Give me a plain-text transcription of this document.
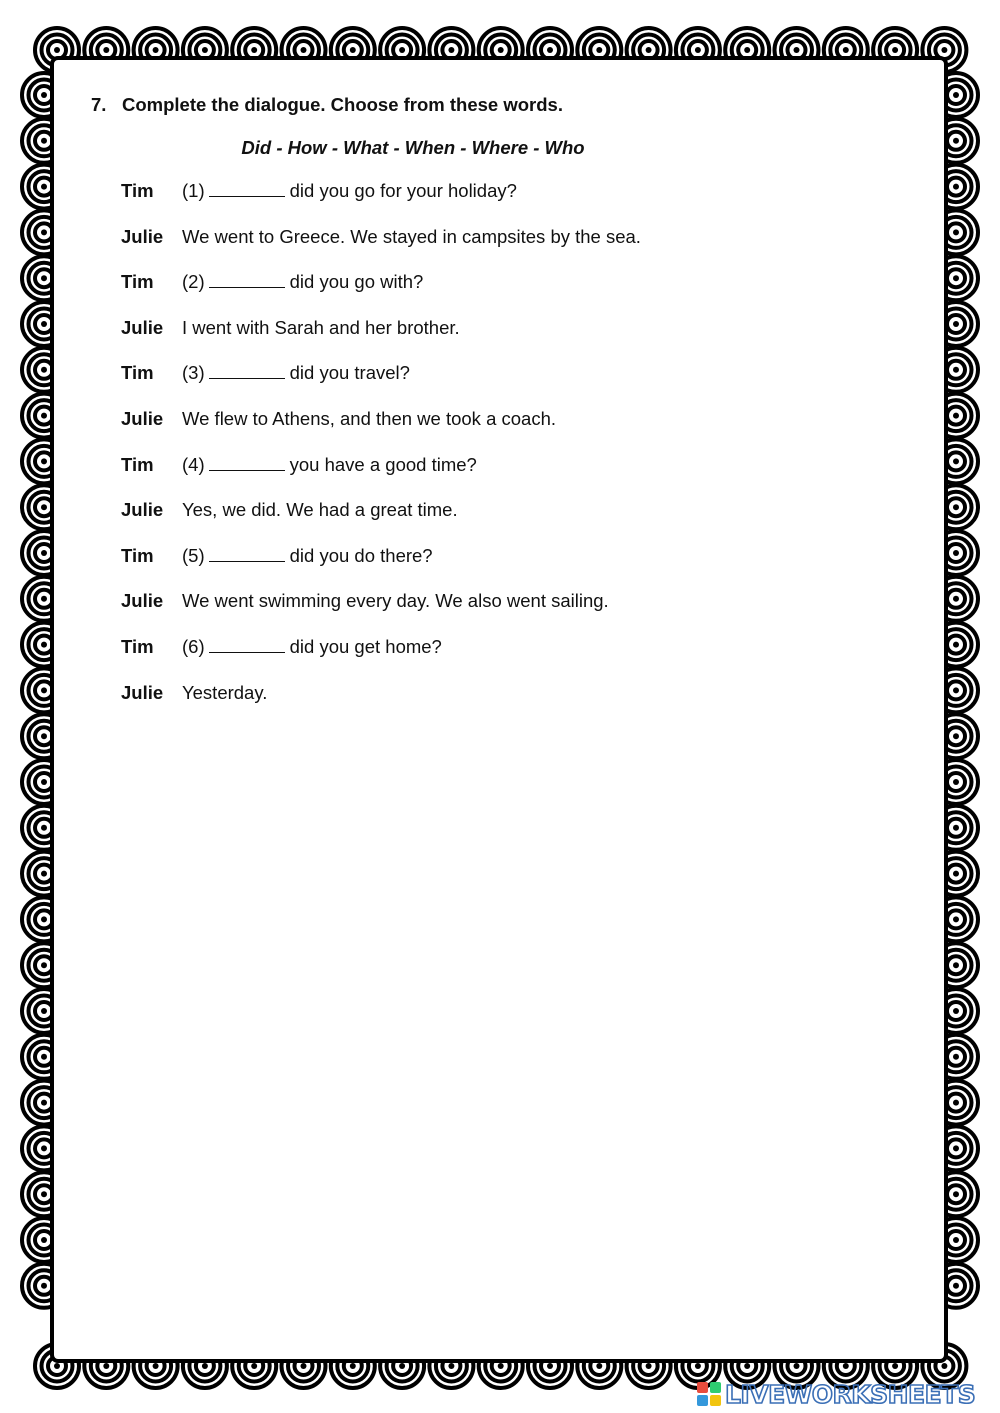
7. Complete the dialogue. Choose from these words.
Did - How - What - When - Where - Who
Tim	(1)	did you go for your holiday?
Julie	We went to Greece. We stayed in campsites by the sea.
Tim	(2)	did you go with?
Julie	I went with Sarah and her brother.
Tim	(3)	did you travel?
Julie	We flew to Athens, and then we took a coach.
Tim	(4)	you have a good time?
Julie	Yes, we did. We had a great time.
Tim	(5)	did you do there?
Julie	We went swimming every day. We also went sailing.
Tim	(6)	did you get home?
Julie	Yesterday.
LIVEWORKSHEETS
